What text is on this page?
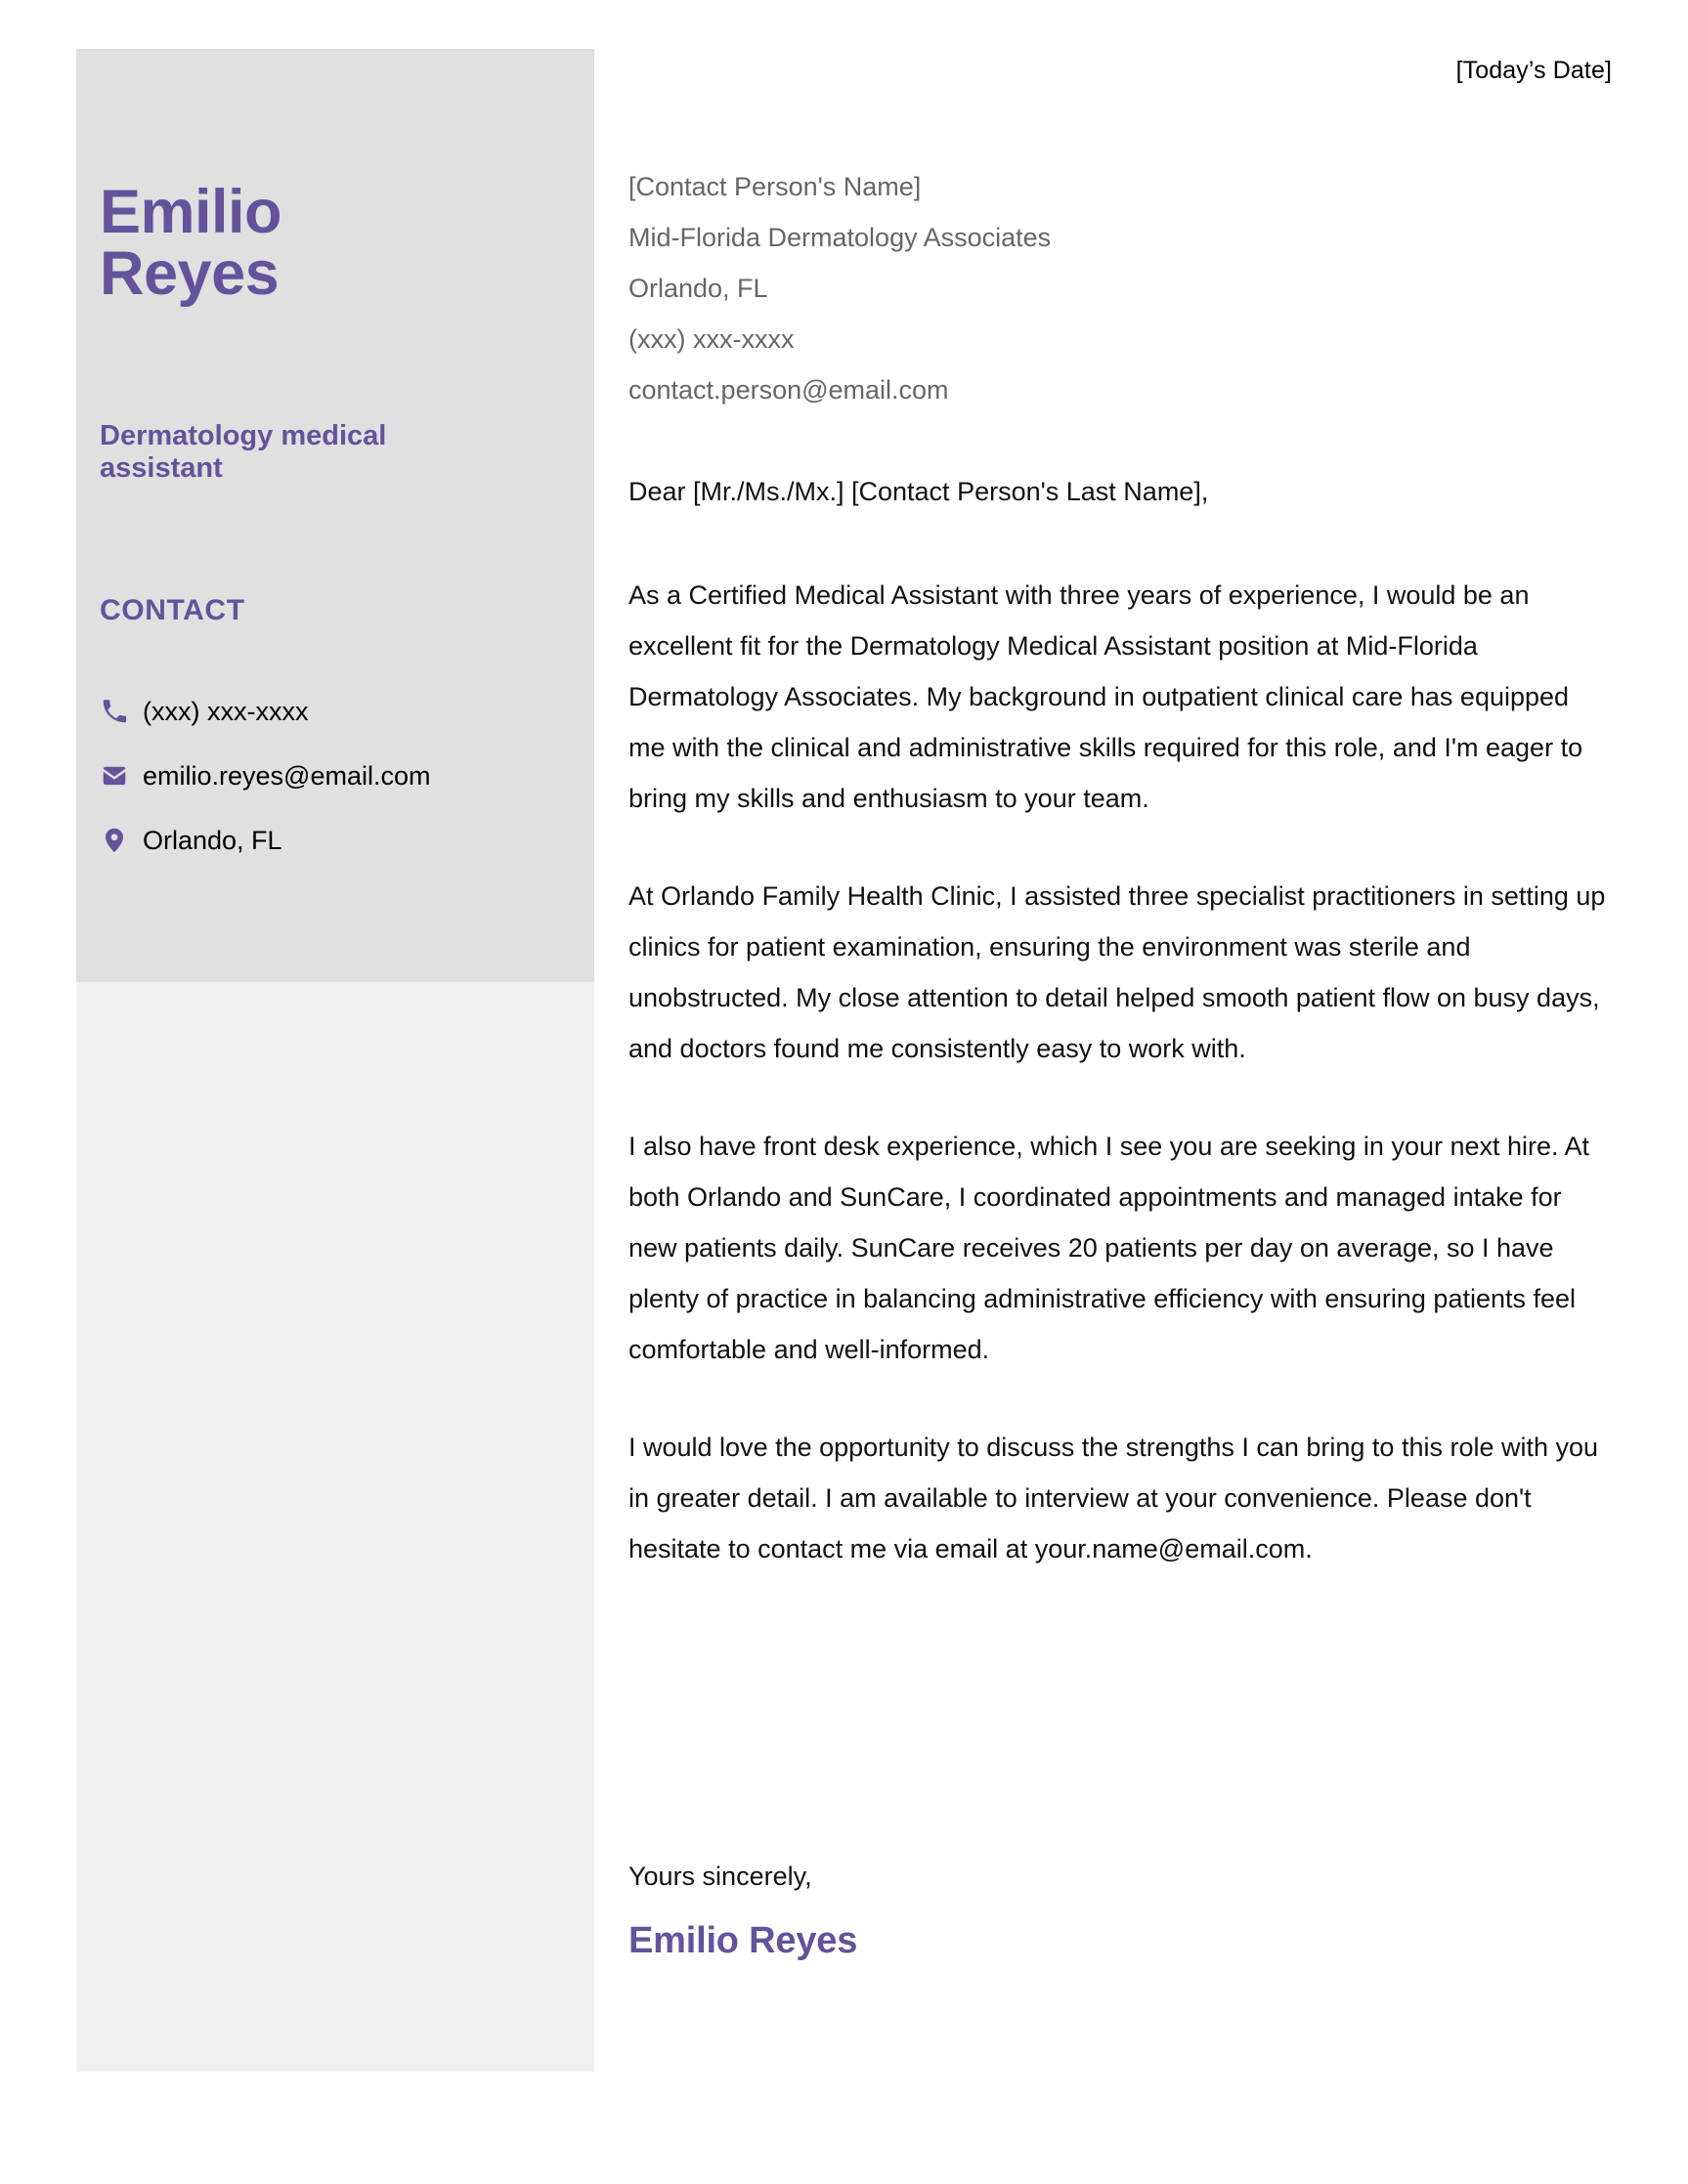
[Today’s Date]
Emilio
Reyes
Dermatology medical assistant
CONTACT
(xxx) xxx-xxxx
emilio.reyes@email.com
Orlando, FL
[Contact Person's Name]
Mid-Florida Dermatology Associates
Orlando, FL
(xxx) xxx-xxxx
contact.person@email.com
Dear [Mr./Ms./Mx.] [Contact Person's Last Name],

As a Certified Medical Assistant with three years of experience, I would be an excellent fit for the Dermatology Medical Assistant position at Mid-Florida Dermatology Associates. My background in outpatient clinical care has equipped me with the clinical and administrative skills required for this role, and I'm eager to bring my skills and enthusiasm to your team.

At Orlando Family Health Clinic, I assisted three specialist practitioners in setting up clinics for patient examination, ensuring the environment was sterile and unobstructed. My close attention to detail helped smooth patient flow on busy days, and doctors found me consistently easy to work with.

I also have front desk experience, which I see you are seeking in your next hire. At both Orlando and SunCare, I coordinated appointments and managed intake for new patients daily. SunCare receives 20 patients per day on average, so I have plenty of practice in balancing administrative efficiency with ensuring patients feel comfortable and well-informed.

I would love the opportunity to discuss the strengths I can bring to this role with you in greater detail. I am available to interview at your convenience. Please don't hesitate to contact me via email at your.name@email.com.

Yours sincerely,
Emilio Reyes
